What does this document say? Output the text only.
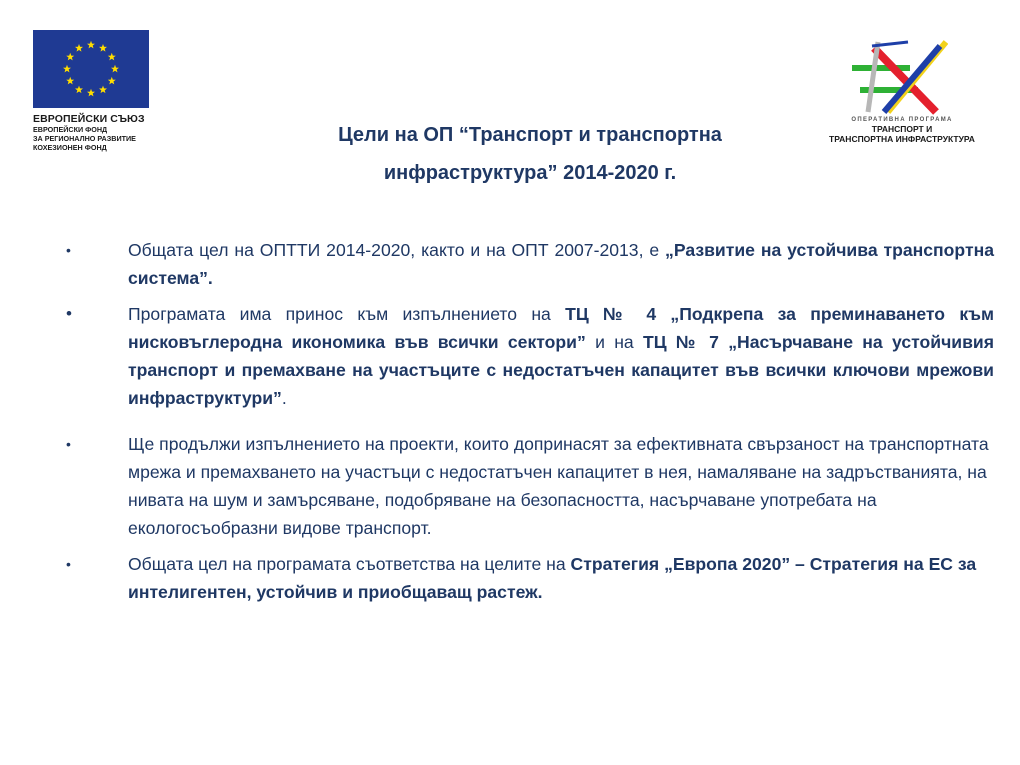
ЕВРОПЕЙСКИ СЪЮЗ
ЕВРОПЕЙСКИ ФОНД
ЗА РЕГИОНАЛНО РАЗВИТИЕ
КОХЕЗИОНЕН ФОНД
ОПЕРАТИВНА ПРОГРАМА
ТРАНСПОРТ И
ТРАНСПОРТНА ИНФРАСТРУКТУРА
Цели на ОП “Транспорт и транспортна
инфраструктура” 2014-2020 г.
•	Общата цел на ОПТТИ 2014-2020, както и на ОПТ 2007-2013, е „Развитие на устойчива транспортна система”.
•	Програмата има принос към изпълнението на ТЦ № 4 „Подкрепа за преминаването към нисковъглеродна икономика във всички сектори” и на ТЦ № 7 „Насърчаване на устойчивия транспорт и премахване на участъците с недостатъчен капацитет във всички ключови мрежови инфраструктури”.
•	Ще продължи изпълнението на проекти, които допринасят за ефективната свързаност на транспортната мрежа и премахването на участъци с недостатъчен капацитет в нея, намаляване на задръстванията, на нивата на шум и замърсяване, подобряване на безопасността, насърчаване употребата на екологосъобразни видове транспорт.
•	Общата цел на програмата съответства на целите на Стратегия „Европа 2020” – Стратегия на ЕС за интелигентен, устойчив и приобщаващ растеж.
